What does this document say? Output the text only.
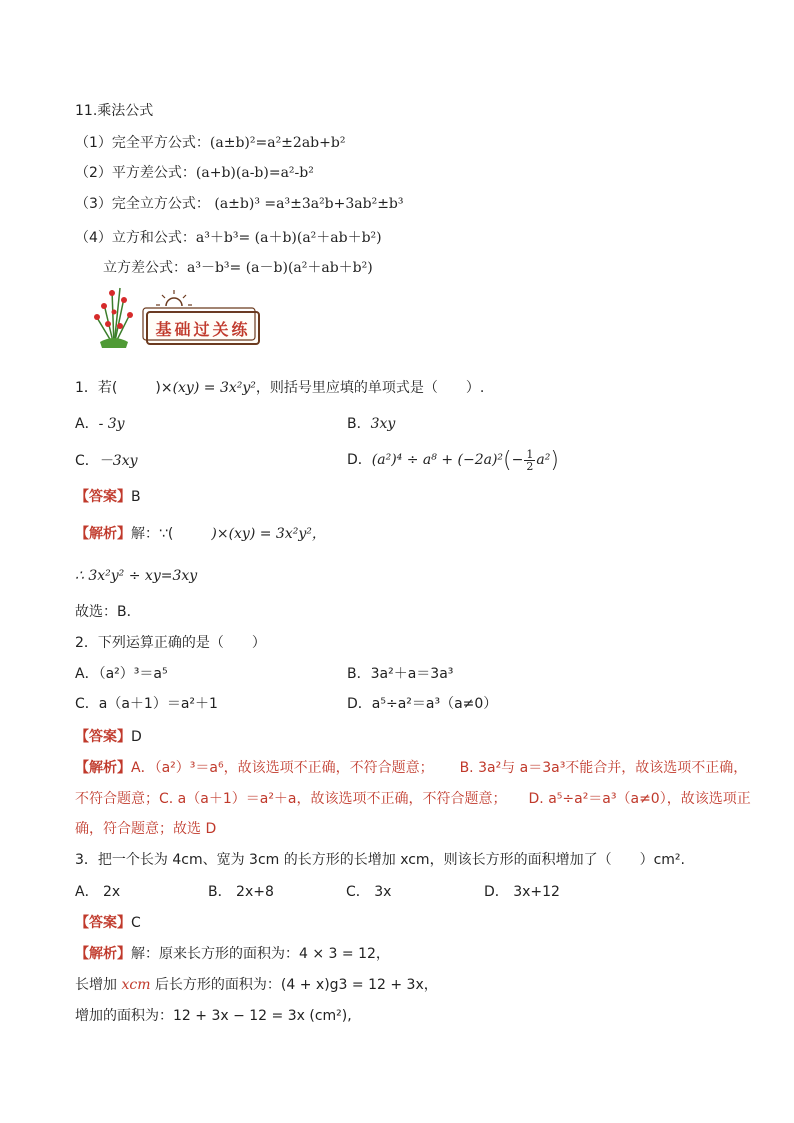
11.乘法公式
（1）完全平方公式：(a±b)²=a²±2ab+b²
（2）平方差公式：(a+b)(a-b)=a²-b²
（3）完全立方公式： (a±b)³ =a³±3a²b+3ab²±b³
（4）立方和公式：a³＋b³= (a＋b)(a²＋ab＋b²)
立方差公式：a³－b³= (a－b)(a²＋ab＋b²)
基础过关练
1．若(	)×(xy) = 3x²y²，则括号里应填的单项式是（　　）.
A．- 3y	B．3xy
C．－3xy	D．$(a^2)^4 \div a^8 + (-2a)^2(- \frac{1}{2} a^2)$
【答案】B
【解析】解：∵(	)×(xy) = 3x²y²，
∴ 3x²y² ÷ xy=3xy
故选：B．
2．下列运算正确的是（　　）
A．（a²）³＝a⁵	B．3a²＋a＝3a³
C．a（a＋1）＝a²＋1	D．a⁵÷a²＝a³（a≠0）
【答案】D
【解析】A．（a²）³＝a⁶，故该选项不正确，不符合题意； B. 3a²与 a＝3a³不能合并，故该选项不正确，
不符合题意；C. a（a＋1）＝a²＋a，故该选项不正确，不符合题意； D. a⁵÷a²＝a³（a≠0），故该选项正
确，符合题意；故选 D
3．把一个长为 4cm、宽为 3cm 的长方形的长增加 xcm，则该长方形的面积增加了（　　）cm².
A． 2x	B． 2x+8	C． 3x	D． 3x+12
【答案】C
【解析】解：原来长方形的面积为：4 × 3 = 12，
长增加 xcm 后长方形的面积为：(4 + x)g3 = 12 + 3x，
增加的面积为：12 + 3x − 12 = 3x (cm²),
